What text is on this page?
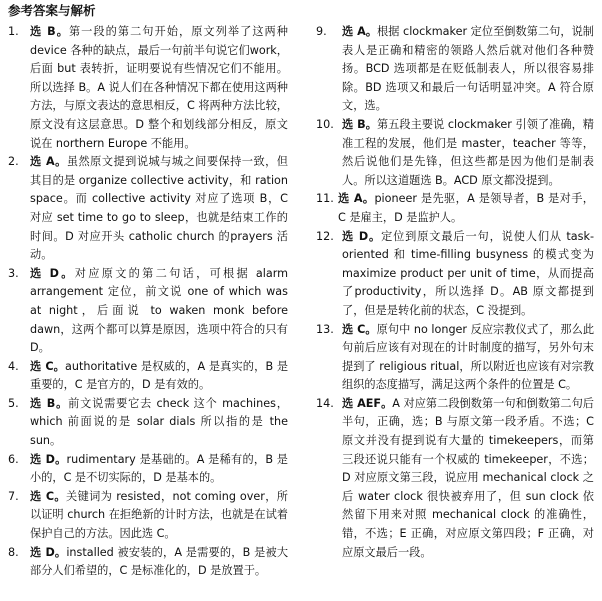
参考答案与解析
1.	选 B。第一段的第二句开始，原文列举了这两种device 各种的缺点，最后一句前半句说它们work，后面 but 表转折，证明要说有些情况它们不能用。所以选择 B。A 说人们在各种情况下都在使用这两种方法，与原文表达的意思相反，C 将两种方法比较，原文没有这层意思。D 整个和划线部分相反，原文说在 northern Europe 不能用。
2.	选 A。虽然原文提到说城与城之间要保持一致，但其目的是 organize collective activity，和 ration space。而 collective activity 对应了选项 B，C 对应 set time to go to sleep，也就是结束工作的时间。D 对应开头 catholic church 的prayers 活动。
3.	选 D。对应原文的第二句话，可根据 alarm arrangement 定位，前文说 one of which was at night，后面说 to waken monk before dawn，这两个都可以算是原因，选项中符合的只有 D。
4.	选 C。authoritative 是权威的，A 是真实的，B 是重要的，C 是官方的，D 是有效的。
5.	选 B。前文说需要它去 check 这个 machines，which 前面说的是 solar dials 所以指的是 the sun。
6.	选 D。rudimentary 是基础的。A 是稀有的，B 是小的，C 是不切实际的，D 是基本的。
7.	选 C。关键词为 resisted，not coming over，所以证明 church 在拒绝新的计时方法，也就是在试着保护自己的方法。因此选 C。
8.	选 D。installed 被安装的，A 是需要的，B 是被大部分人们希望的，C 是标准化的，D 是放置于。
9.	选 A。根据 clockmaker 定位至倒数第二句，说制表人是正确和精密的领路人然后就对他们各种赞扬。BCD 选项都是在贬低制表人，所以很容易排除。BD 选项又和最后一句话明显冲突。A 符合原文，选。
10. 选 B。第五段主要说 clockmaker 引领了准确，精准工程的发展，他们是 master，teacher 等等，然后说他们是先锋，但这些都是因为他们是制表人。所以这道题选 B。ACD 原文都没提到。
11. 选 A。pioneer 是先驱，A 是领导者，B 是对手，C 是雇主，D 是监护人。
12. 选 D。定位到原文最后一句，说使人们从 task-oriented 和 time-filling busyness 的模式变为maximize product per unit of time，从而提高了productivity，所以选择 D。AB 原文都提到了，但是是转化前的状态，C 没提到。
13. 选 C。原句中 no longer 反应宗教仪式了，那么此句前后应该有对现在的计时制度的描写，另外句末提到了 religious ritual，所以附近也应该有对宗教组织的态度描写，满足这两个条件的位置是 C。
14. 选 AEF。A 对应第二段倒数第一句和倒数第二句后半句，正确，选；B 与原文第一段矛盾。不选；C 原文并没有提到说有大量的 timekeepers，而第三段还说只能有一个权威的 timekeeper，不选；D 对应原文第三段，说应用 mechanical clock 之后 water clock 很快被弃用了，但 sun clock 依然留下用来对照 mechanical clock 的准确性，错，不选；E 正确，对应原文第四段；F 正确，对应原文最后一段。
